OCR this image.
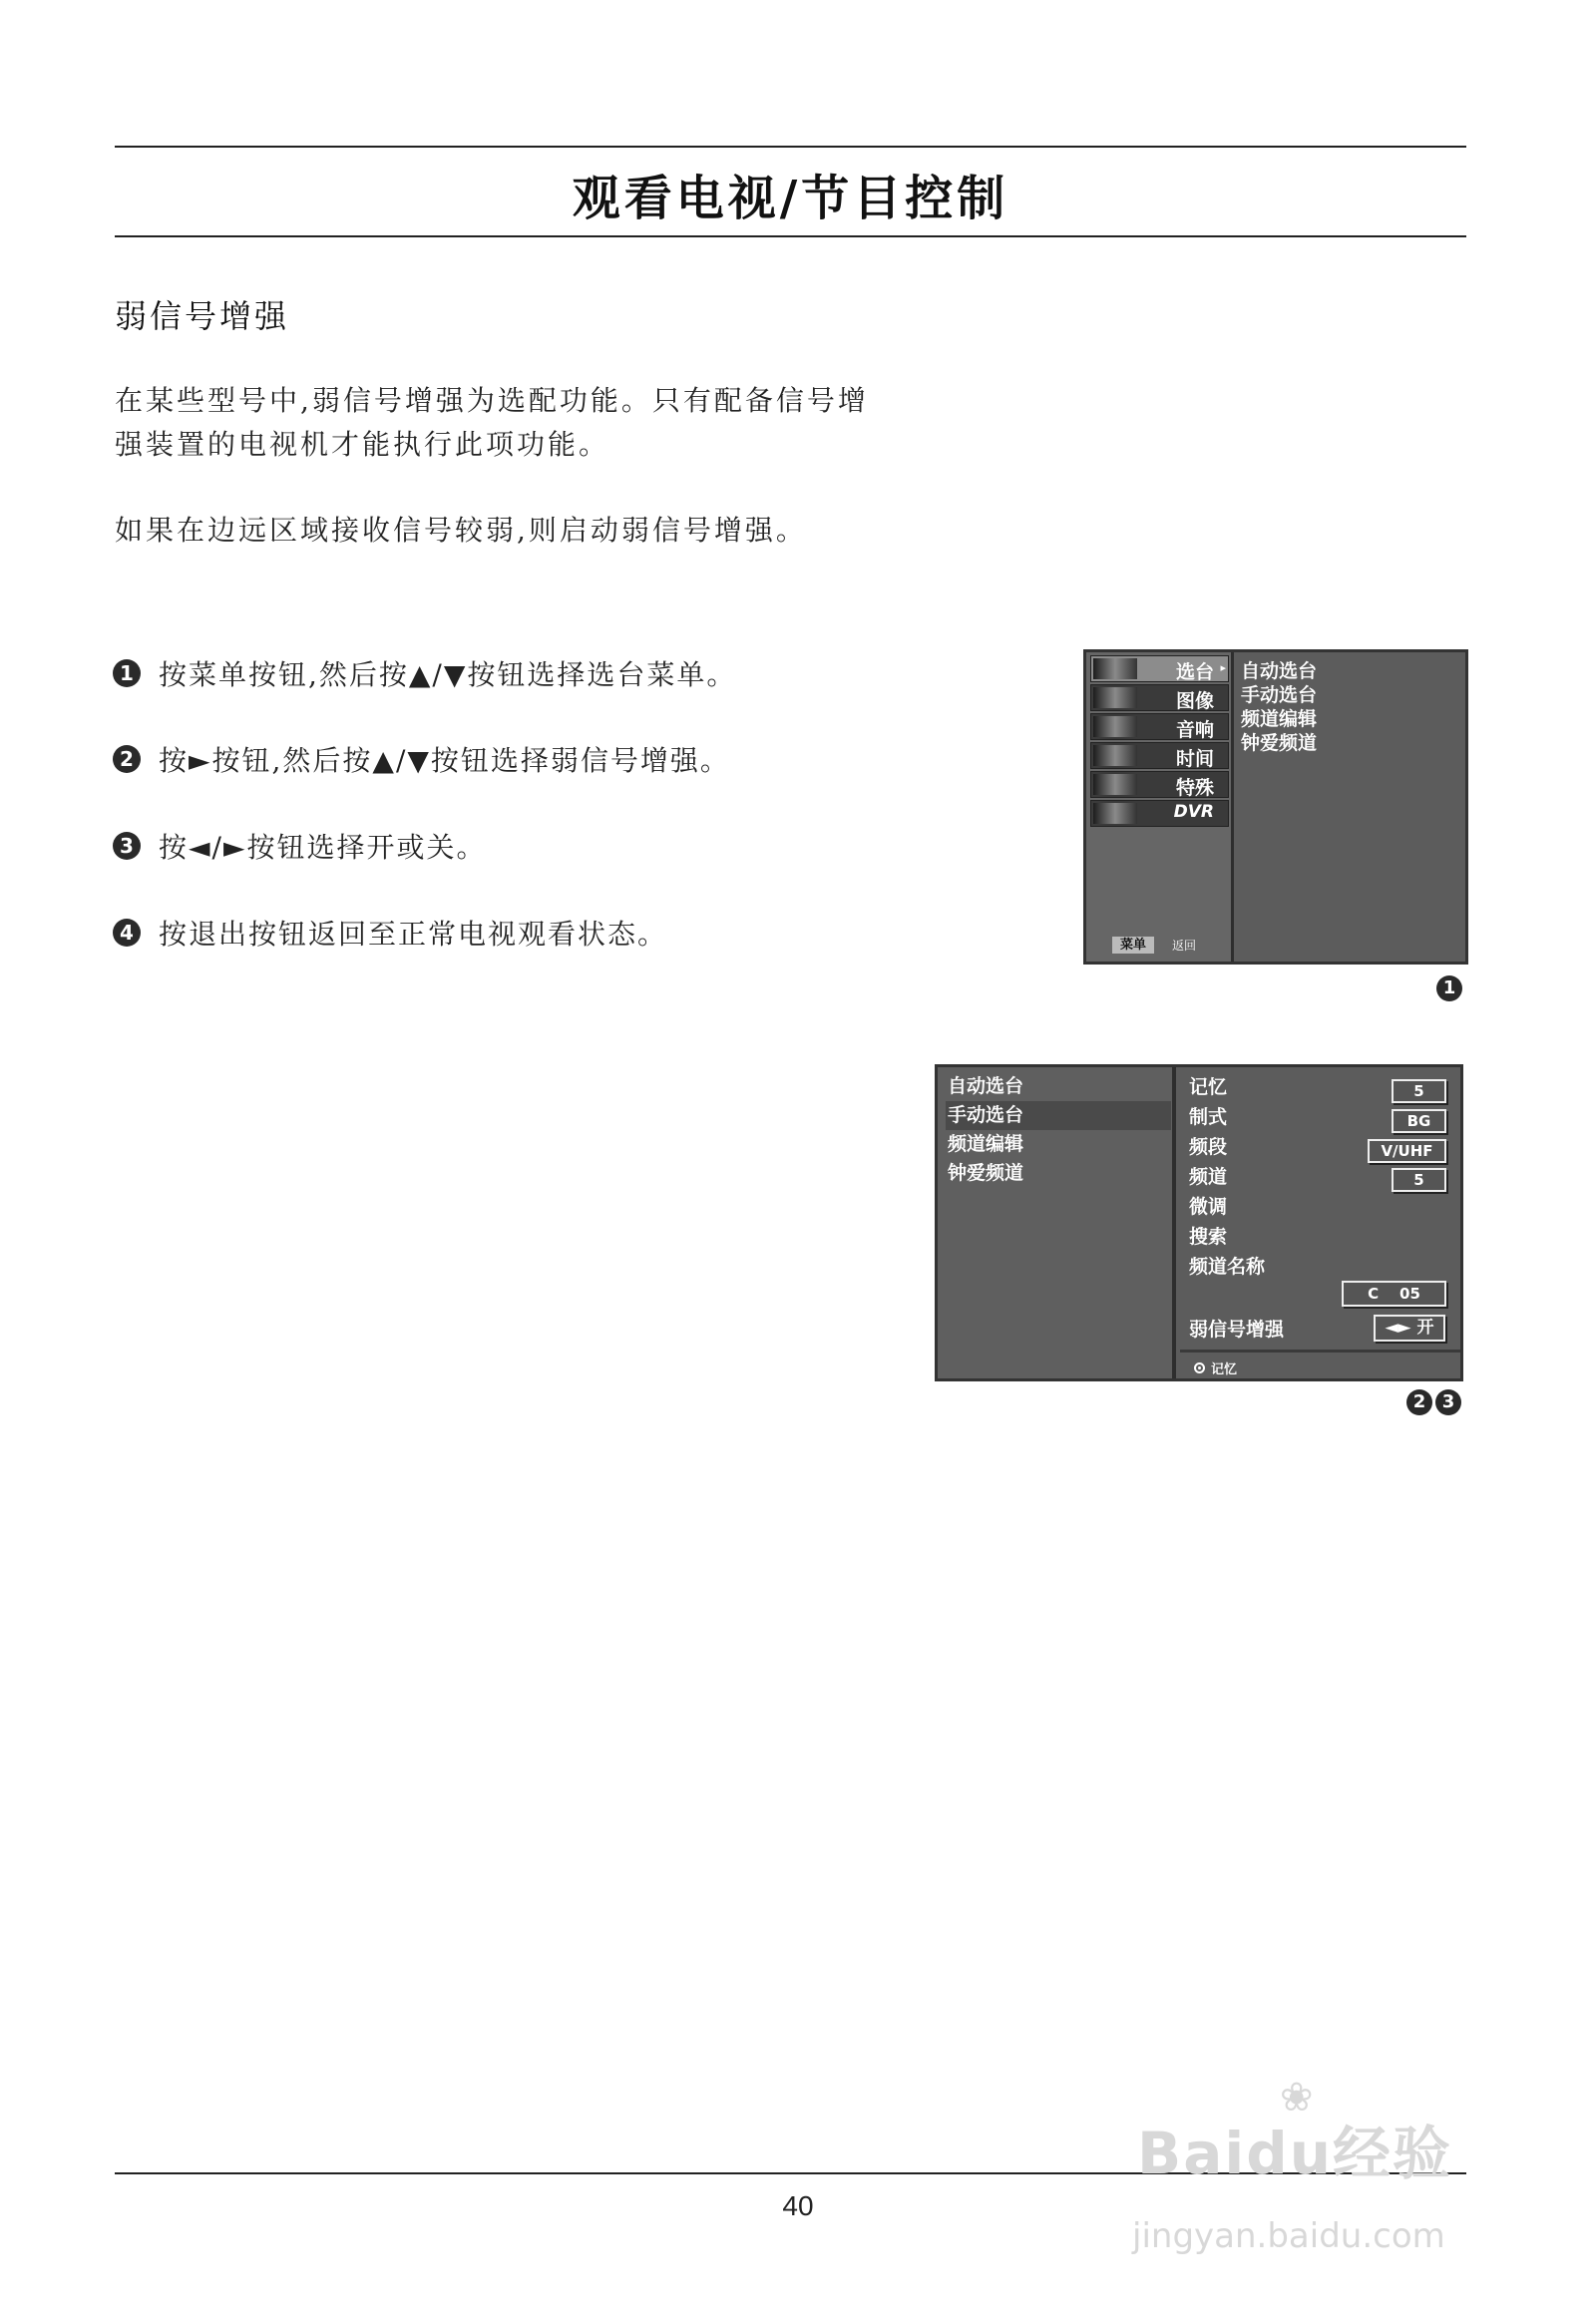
观看电视/节目控制
弱信号增强
在某些型号中,弱信号增强为选配功能。只有配备信号增
强装置的电视机才能执行此项功能。
如果在边远区域接收信号较弱,则启动弱信号增强。
1 按菜单按钮,然后按▲/▼按钮选择选台菜单。
2 按►按钮,然后按▲/▼按钮选择弱信号增强。
3 按◄/►按钮选择开或关。
4 按退出按钮返回至正常电视观看状态。
选台 ▸
图像
音响
时间
特殊
DVR
菜单	返回
自动选台
手动选台
频道编辑
钟爱频道
1
自动选台
手动选台
频道编辑
钟爱频道
记忆	5
制式	BG
频段	V/UHF
频道	5
微调
搜索
频道名称
C    05
弱信号增强	◄► 开
记忆
2 3
40
Baidu经验
❀
jingyan.baidu.com
